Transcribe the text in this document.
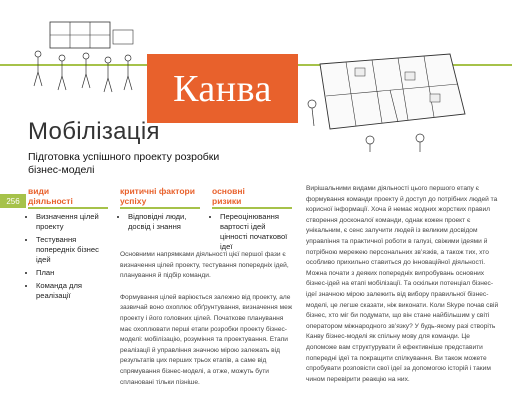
Канва
Мобілізація
Підготовка успішного проекту розробки бізнес-моделі
256
види
діяльності
• Визначення цілей проекту
• Тестування попередніх бізнес ідей
• План
• Команда для реалізації
критичні фактори
успіху
• Відповідні люди, досвід і знання
основні
ризики
• Переоцінювання вартості ідей цінності початкової ідеї

Основними напрямками діяльності цієї першої фази є визначення цілей проекту, тестування попередніх ідей, планування й підбір команди.

Формування цілей варіюється залежно від проекту, але зазвичай воно охоплює обґрунтування, визначення меж проекту і його головних цілей. Початкове планування має охоплювати перші етапи розробки проекту бізнес-моделі: мобілізацію, розуміння та проектування. Етапи реалізації й управління значною мірою залежать від результатів цих перших трьох етапів, а саме від спрямування бізнес-моделі, а отже, можуть бути сплановані тільки пізніше.

Вирішальними видами діяльності цього першого етапу є формування команди проекту й доступ до потрібних людей та корисної інформації. Хоча й немає жодних жорстких правил створення досконалої команди, однак кожен проект є унікальним, є сенс залучити людей із великим досвідом управління та практичної роботи в галузі, свіжими ідеями й потрібною мережею персональних зв’язків, а також тих, хто особливо прихильно ставиться до інноваційної діяльності. Можна почати з деяких попередніх випробувань основних бізнес-ідей на етапі мобілізації. Та оскільки потенціал бізнес-ідеї значною мірою залежить від вибору правильної бізнес-моделі, це легше сказати, ніж виконати. Коли Skype почав свій бізнес, хто міг би подумати, що він стане найбільшим у світі оператором міжнародного зв’язку? У будь-якому разі створіть Канву бізнес-моделі як спільну мову для команди. Це допоможе вам структурувати й ефективніше представити попередні ідеї та покращити спілкування. Ви також можете спробувати розповісти свої ідеї за допомогою історій і таким чином перевірити реакцію на них.
